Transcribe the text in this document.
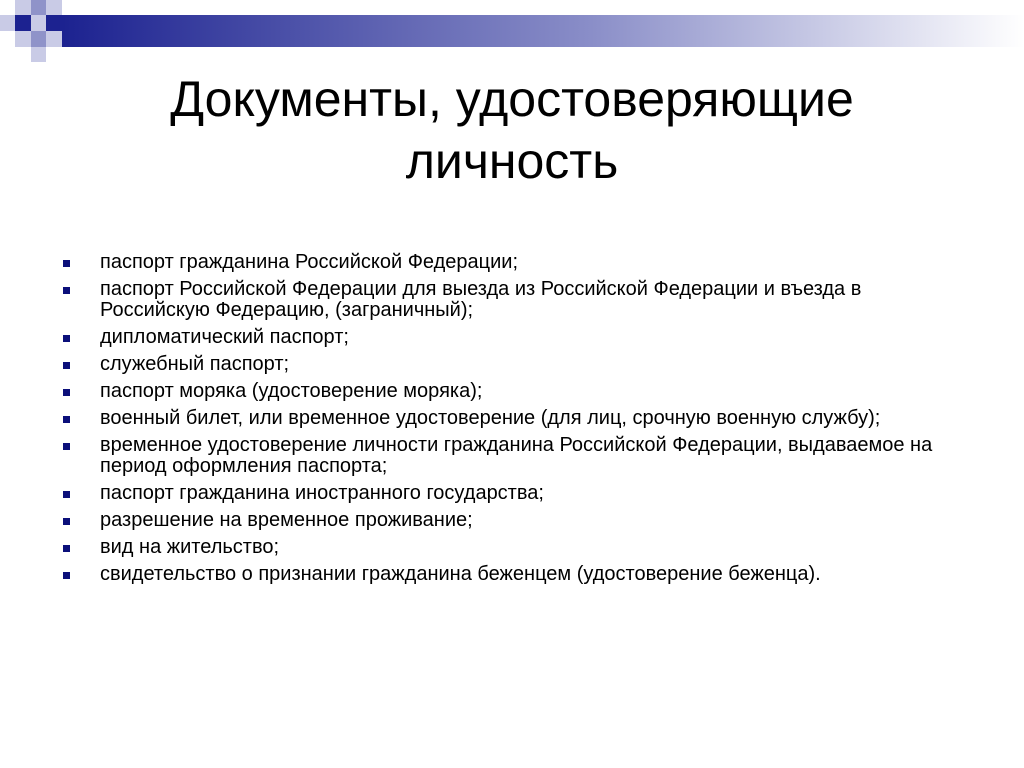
Документы, удостоверяющие
личность
паспорт гражданина Российской Федерации;
паспорт Российской Федерации для выезда из Российской Федерации и въезда в Российскую Федерацию, (заграничный);
дипломатический паспорт;
служебный паспорт;
паспорт моряка (удостоверение моряка);
военный билет, или временное удостоверение (для лиц, срочную военную службу);
временное удостоверение личности гражданина Российской Федерации, выдаваемое на период оформления паспорта;
паспорт гражданина иностранного государства;
разрешение на временное проживание;
вид на жительство;
свидетельство о признании гражданина беженцем (удостоверение беженца).
